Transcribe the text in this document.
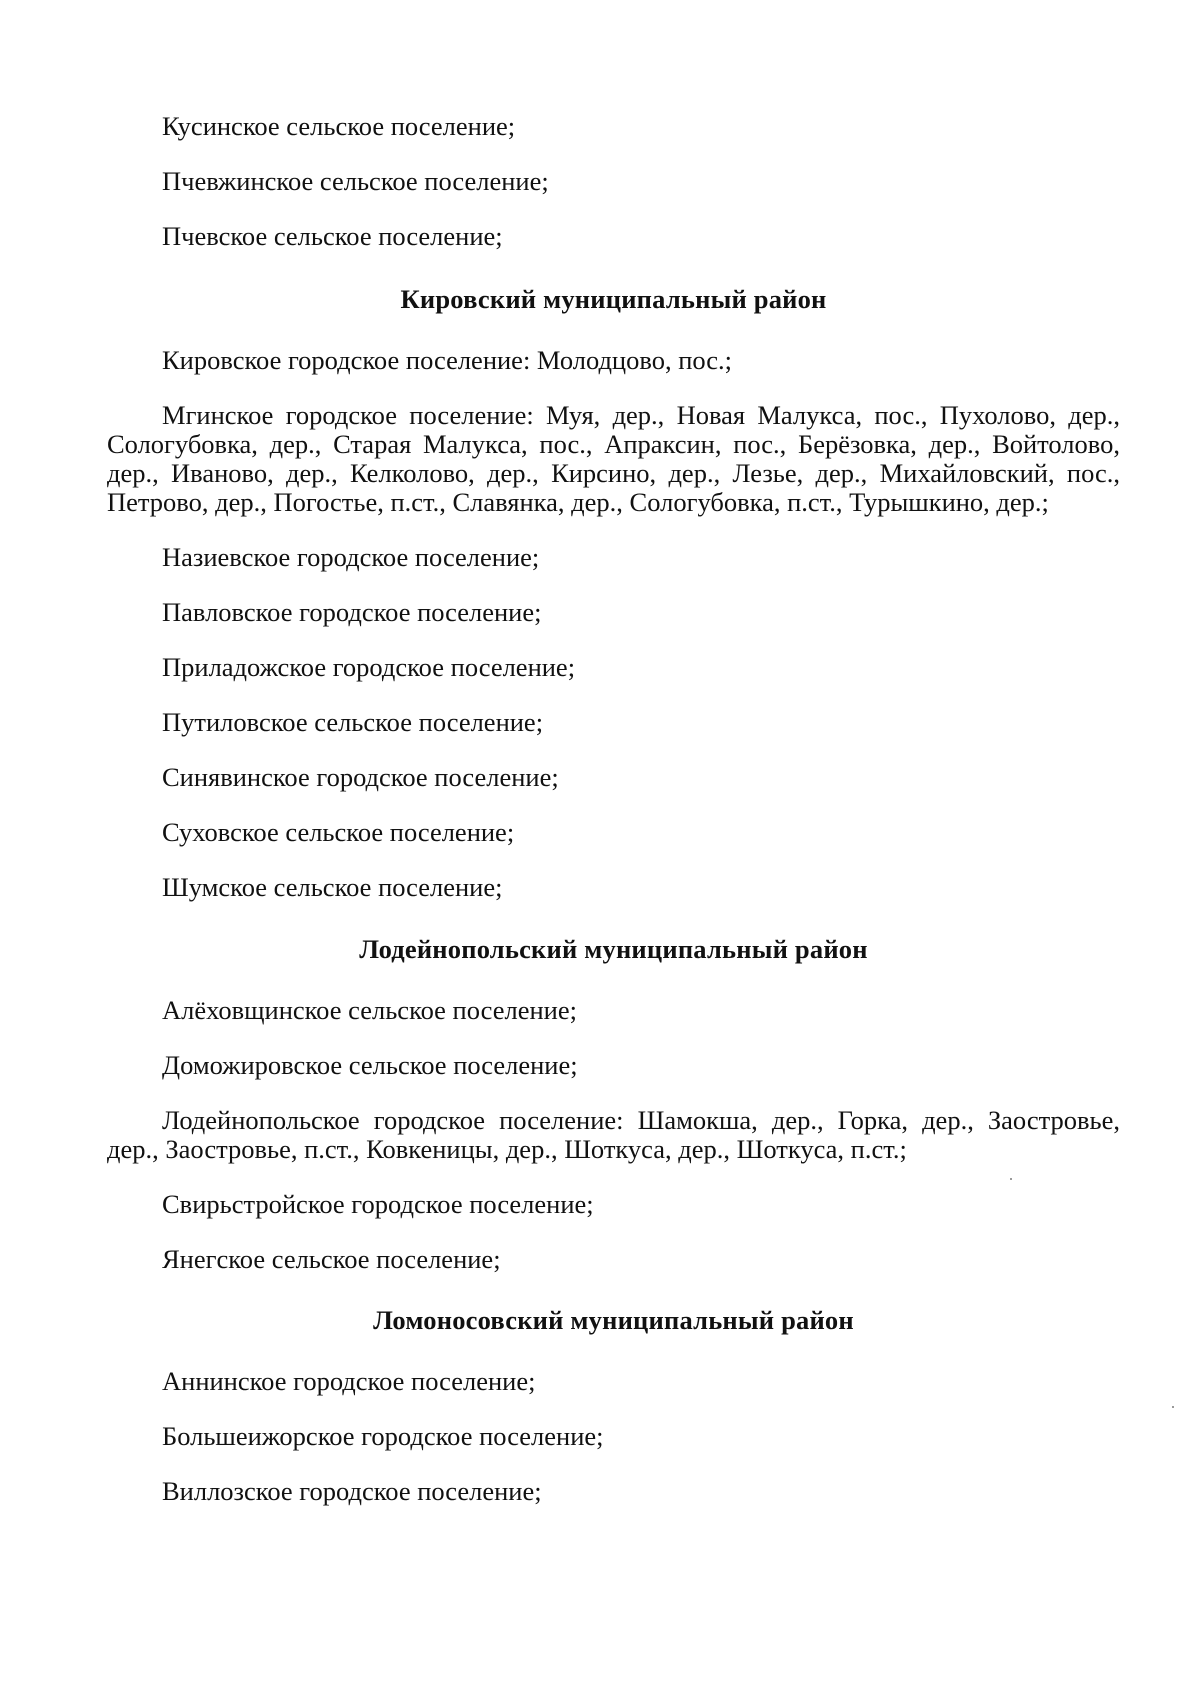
Кусинское сельское поселение;

Пчевжинское сельское поселение;

Пчевское сельское поселение;

Кировский муниципальный район

Кировское городское поселение: Молодцово, пос.;

Мгинское городское поселение: Муя, дер., Новая Малукса, пос., Пухолово, дер., Сологубовка, дер., Старая Малукса, пос., Апраксин, пос., Берёзовка, дер., Войтолово, дер., Иваново, дер., Келколово, дер., Кирсино, дер., Лезье, дер., Михайловский, пос., Петрово, дер., Погостье, п.ст., Славянка, дер., Сологубовка, п.ст., Турышкино, дер.;

Назиевское городское поселение;

Павловское городское поселение;

Приладожское городское поселение;

Путиловское сельское поселение;

Синявинское городское поселение;

Суховское сельское поселение;

Шумское сельское поселение;

Лодейнопольский муниципальный район

Алёховщинское сельское поселение;

Доможировское сельское поселение;

Лодейнопольское городское поселение: Шамокша, дер., Горка, дер., Заостровье, дер., Заостровье, п.ст., Ковкеницы, дер., Шоткуса, дер., Шоткуса, п.ст.;

Свирьстройское городское поселение;

Янегское сельское поселение;

Ломоносовский муниципальный район

Аннинское городское поселение;

Большеижорское городское поселение;

Виллозское городское поселение;
